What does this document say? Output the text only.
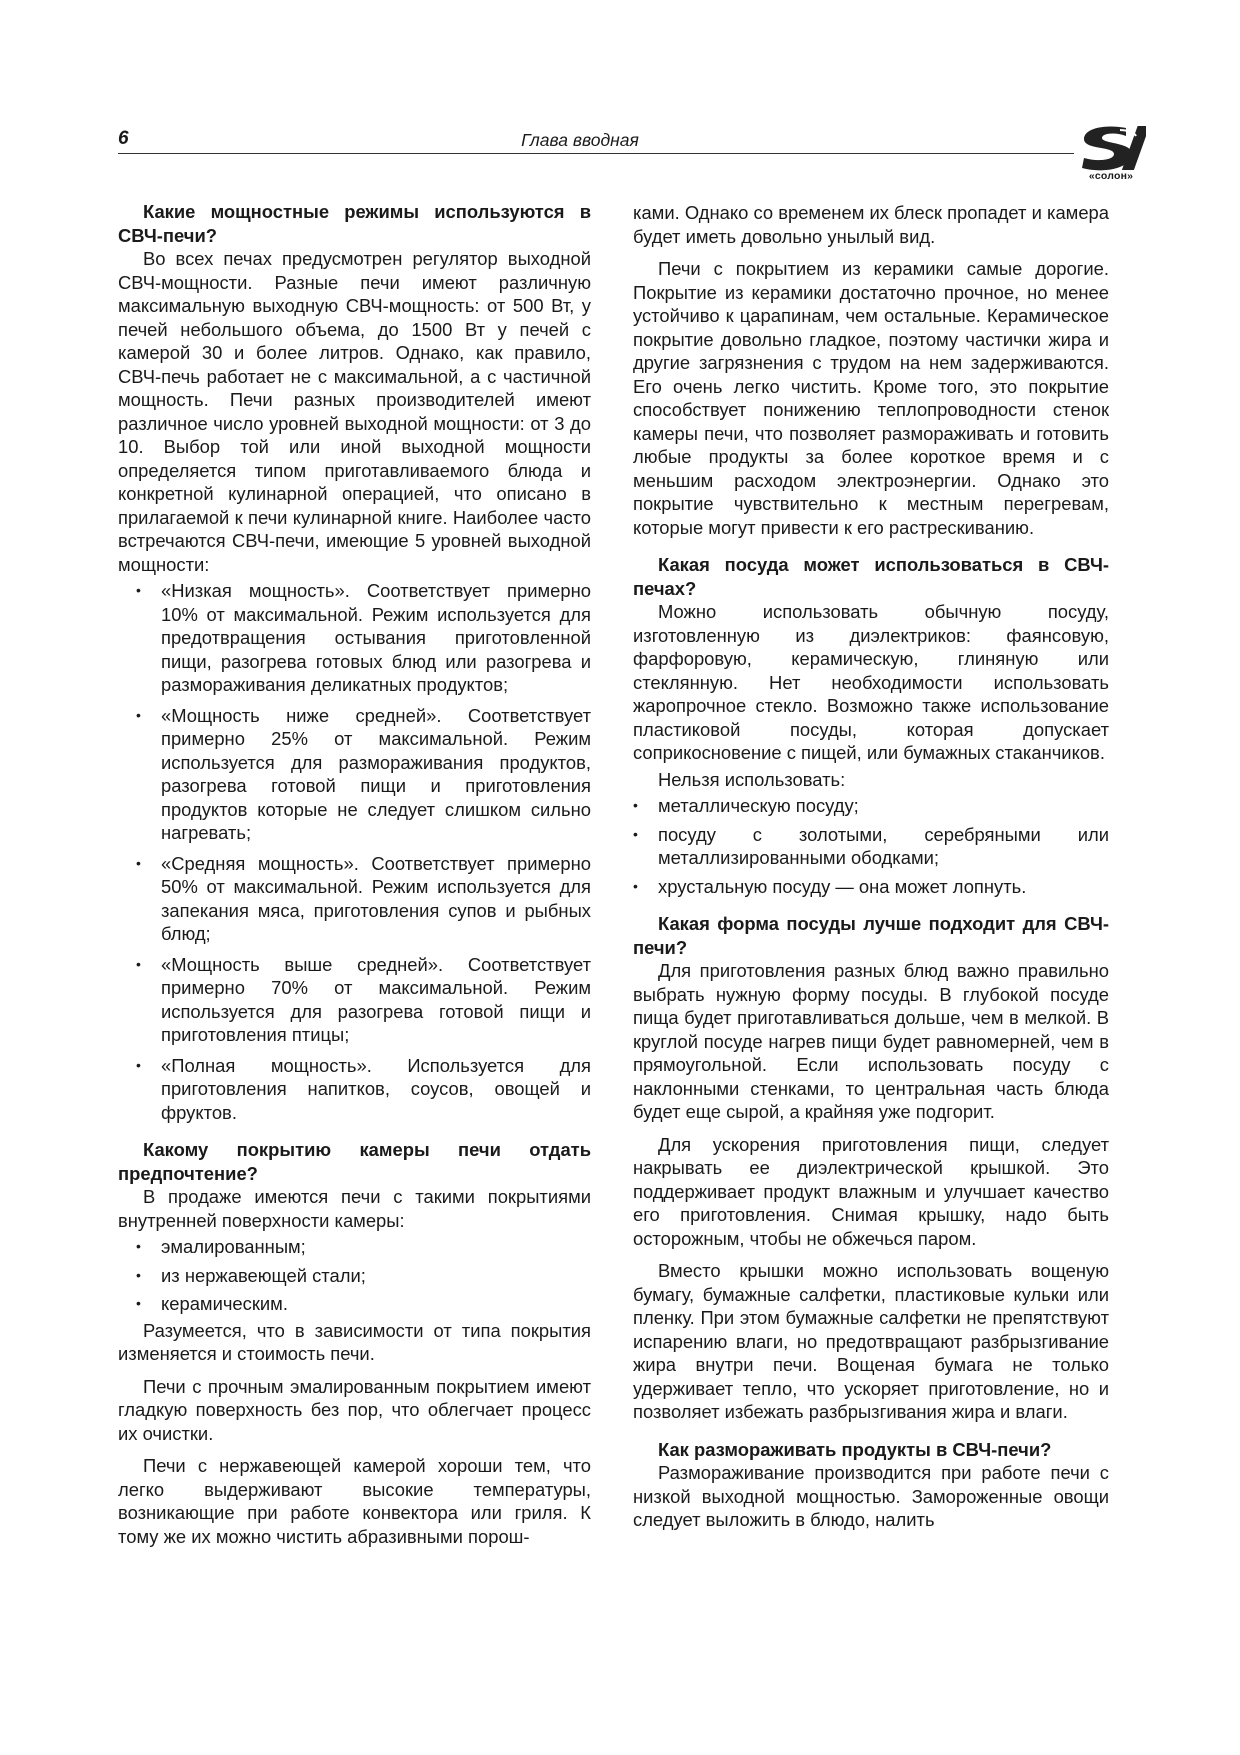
6	Глава вводная
«солон»
Какие мощностные режимы используются в СВЧ-печи?

Во всех печах предусмотрен регулятор выходной СВЧ-мощности. Разные печи имеют различную максимальную выходную СВЧ-мощность: от 500 Вт, у печей небольшого объема, до 1500 Вт у печей с камерой 30 и более литров. Однако, как правило, СВЧ-печь работает не с максимальной, а с частичной мощность. Печи разных производителей имеют различное число уровней выходной мощности: от 3 до 10. Выбор той или иной выходной мощности определяется типом приготавливаемого блюда и конкретной кулинарной операцией, что описано в прилагаемой к печи кулинарной книге. Наиболее часто встречаются СВЧ-печи, имеющие 5 уровней выходной мощности:

• «Низкая мощность». Соответствует примерно 10% от максимальной. Режим используется для предотвращения остывания приготовленной пищи, разогрева готовых блюд или разогрева и размораживания деликатных продуктов;
• «Мощность ниже средней». Соответствует примерно 25% от максимальной. Режим используется для размораживания продуктов, разогрева готовой пищи и приготовления продуктов которые не следует слишком сильно нагревать;
• «Средняя мощность». Соответствует примерно 50% от максимальной. Режим используется для запекания мяса, приготовления супов и рыбных блюд;
• «Мощность выше средней». Соответствует примерно 70% от максимальной. Режим используется для разогрева готовой пищи и приготовления птицы;
• «Полная мощность». Используется для приготовления напитков, соусов, овощей и фруктов.
Какому покрытию камеры печи отдать предпочтение?

В продаже имеются печи с такими покрытиями внутренней поверхности камеры:

• эмалированным;
• из нержавеющей стали;
• керамическим.

Разумеется, что в зависимости от типа покрытия изменяется и стоимость печи.

Печи с прочным эмалированным покрытием имеют гладкую поверхность без пор, что облегчает процесс их очистки.

Печи с нержавеющей камерой хороши тем, что легко выдерживают высокие температуры, возникающие при работе конвектора или гриля. К тому же их можно чистить абразивными порош-

ками. Однако со временем их блеск пропадет и камера будет иметь довольно унылый вид.

Печи с покрытием из керамики самые дорогие. Покрытие из керамики достаточно прочное, но менее устойчиво к царапинам, чем остальные. Керамическое покрытие довольно гладкое, поэтому частички жира и другие загрязнения с трудом на нем задерживаются. Его очень легко чистить. Кроме того, это покрытие способствует понижению теплопроводности стенок камеры печи, что позволяет размораживать и готовить любые продукты за более короткое время и с меньшим расходом электроэнергии. Однако это покрытие чувствительно к местным перегревам, которые могут привести к его растрескиванию.

Какая посуда может использоваться в СВЧ-печах?

Можно использовать обычную посуду, изготовленную из диэлектриков: фаянсовую, фарфоровую, керамическую, глиняную или стеклянную. Нет необходимости использовать жаропрочное стекло. Возможно также использование пластиковой посуды, которая допускает соприкосновение с пищей, или бумажных стаканчиков.

Нельзя использовать:

• металлическую посуду;
• посуду с золотыми, серебряными или металлизированными ободками;
• хрустальную посуду — она может лопнуть.
Какая форма посуды лучше подходит для СВЧ-печи?

Для приготовления разных блюд важно правильно выбрать нужную форму посуды. В глубокой посуде пища будет приготавливаться дольше, чем в мелкой. В круглой посуде нагрев пищи будет равномерней, чем в прямоугольной. Если использовать посуду с наклонными стенками, то центральная часть блюда будет еще сырой, а крайняя уже подгорит.

Для ускорения приготовления пищи, следует накрывать ее диэлектрической крышкой. Это поддерживает продукт влажным и улучшает качество его приготовления. Снимая крышку, надо быть осторожным, чтобы не обжечься паром.

Вместо крышки можно использовать вощеную бумагу, бумажные салфетки, пластиковые кульки или пленку. При этом бумажные салфетки не препятствуют испарению влаги, но предотвращают разбрызгивание жира внутри печи. Вощеная бумага не только удерживает тепло, что ускоряет приготовление, но и позволяет избежать разбрызгивания жира и влаги.

Как размораживать продукты в СВЧ-печи?

Размораживание производится при работе печи с низкой выходной мощностью. Замороженные овощи следует выложить в блюдо, налить
